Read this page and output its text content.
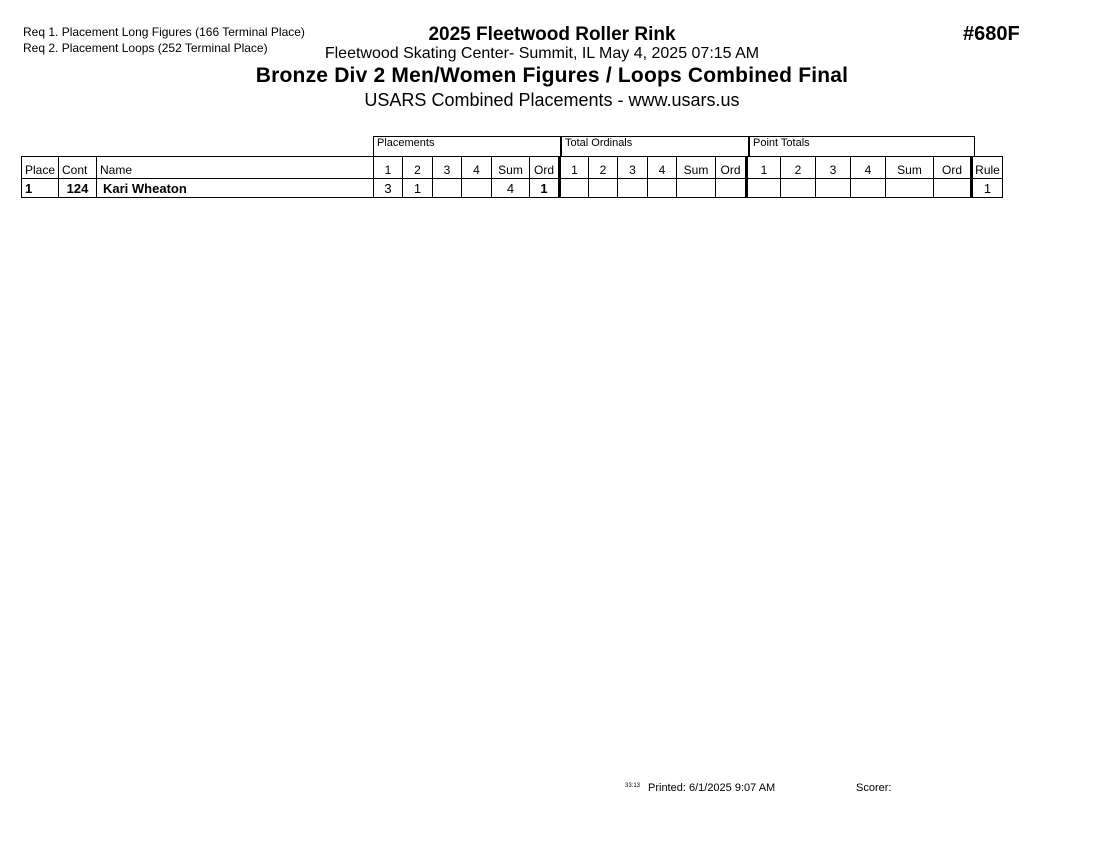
Req 1. Placement Long Figures (166 Terminal Place)
Req 2. Placement Loops (252 Terminal Place)
2025 Fleetwood Roller Rink
Fleetwood Skating Center- Summit, IL May 4, 2025 07:15 AM
Bronze Div 2 Men/Women Figures / Loops Combined Final
USARS Combined Placements - www.usars.us
#680F
Placements	Total Ordinals	Point Totals
Place	Cont	Name	1	2	3	4	Sum	Ord	1	2	3	4	Sum	Ord	1	2	3	4	Sum	Ord	Rule
1	124	Kari Wheaton	3	1			4	1													1
33:13 Printed: 6/1/2025 9:07 AM	Scorer:
